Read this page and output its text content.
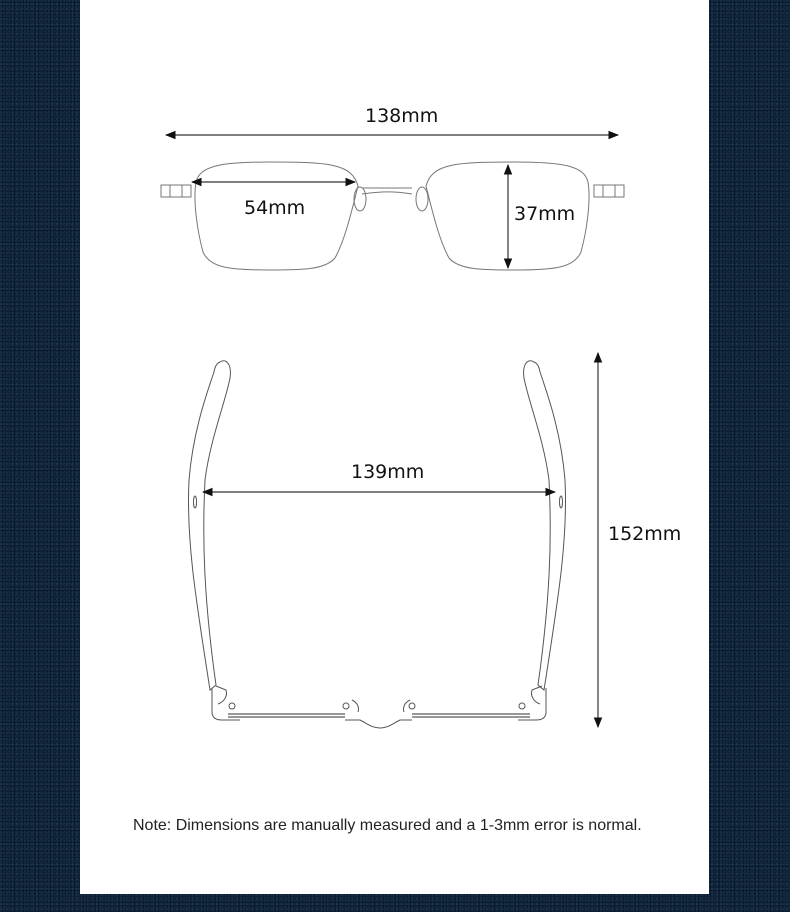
138mm
54mm	37mm
139mm
152mm
Note: Dimensions are manually measured and a 1-3mm error is normal.
